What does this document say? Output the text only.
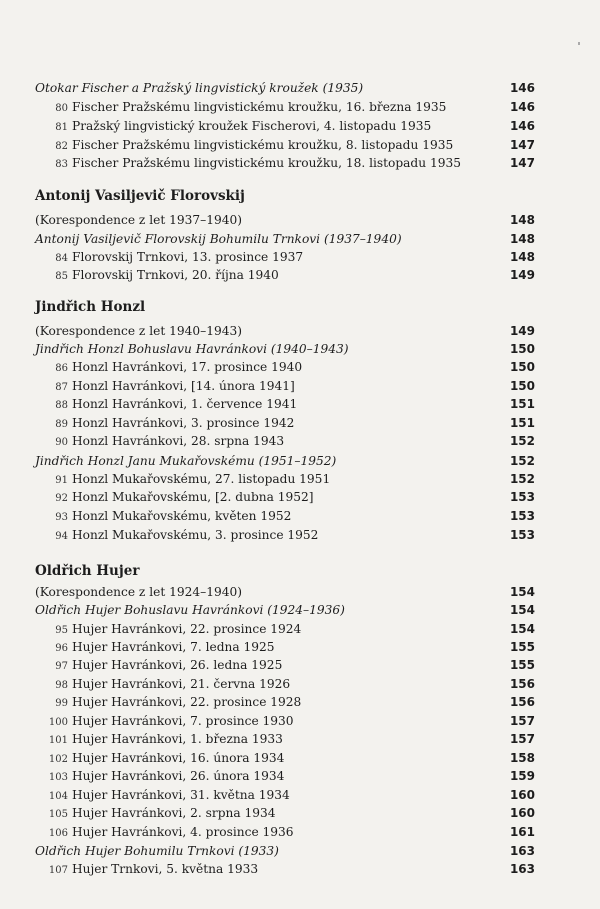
Otokar Fischer a Pražský lingvistický kroužek (1935)	146
80 Fischer Pražskému lingvistickému kroužku, 16. března 1935	146
81 Pražský lingvistický kroužek Fischerovi, 4. listopadu 1935	146
82 Fischer Pražskému lingvistickému kroužku, 8. listopadu 1935	147
83 Fischer Pražskému lingvistickému kroužku, 18. listopadu 1935	147
Antonij Vasiljevič Florovskij
(Korespondence z let 1937–1940)	148
Antonij Vasiljevič Florovskij Bohumilu Trnkovi (1937–1940)	148
84 Florovskij Trnkovi, 13. prosince 1937	148
85 Florovskij Trnkovi, 20. října 1940	149
Jindřich Honzl
(Korespondence z let 1940–1943)	149
Jindřich Honzl Bohuslavu Havránkovi (1940–1943)	150
86 Honzl Havránkovi, 17. prosince 1940	150
87 Honzl Havránkovi, [14. února 1941]	150
88 Honzl Havránkovi, 1. července 1941	151
89 Honzl Havránkovi, 3. prosince 1942	151
90 Honzl Havránkovi, 28. srpna 1943	152
Jindřich Honzl Janu Mukařovskému (1951–1952)	152
91 Honzl Mukařovskému, 27. listopadu 1951	152
92 Honzl Mukařovskému, [2. dubna 1952]	153
93 Honzl Mukařovskému, květen 1952	153
94 Honzl Mukařovskému, 3. prosince 1952	153
Oldřich Hujer
(Korespondence z let 1924–1940)	154
Oldřich Hujer Bohuslavu Havránkovi (1924–1936)	154
95 Hujer Havránkovi, 22. prosince 1924	154
96 Hujer Havránkovi, 7. ledna 1925	155
97 Hujer Havránkovi, 26. ledna 1925	155
98 Hujer Havránkovi, 21. června 1926	156
99 Hujer Havránkovi, 22. prosince 1928	156
100 Hujer Havránkovi, 7. prosince 1930	157
101 Hujer Havránkovi, 1. března 1933	157
102 Hujer Havránkovi, 16. února 1934	158
103 Hujer Havránkovi, 26. února 1934	159
104 Hujer Havránkovi, 31. května 1934	160
105 Hujer Havránkovi, 2. srpna 1934	160
106 Hujer Havránkovi, 4. prosince 1936	161
Oldřich Hujer Bohumilu Trnkovi (1933)	163
107 Hujer Trnkovi, 5. května 1933	163
